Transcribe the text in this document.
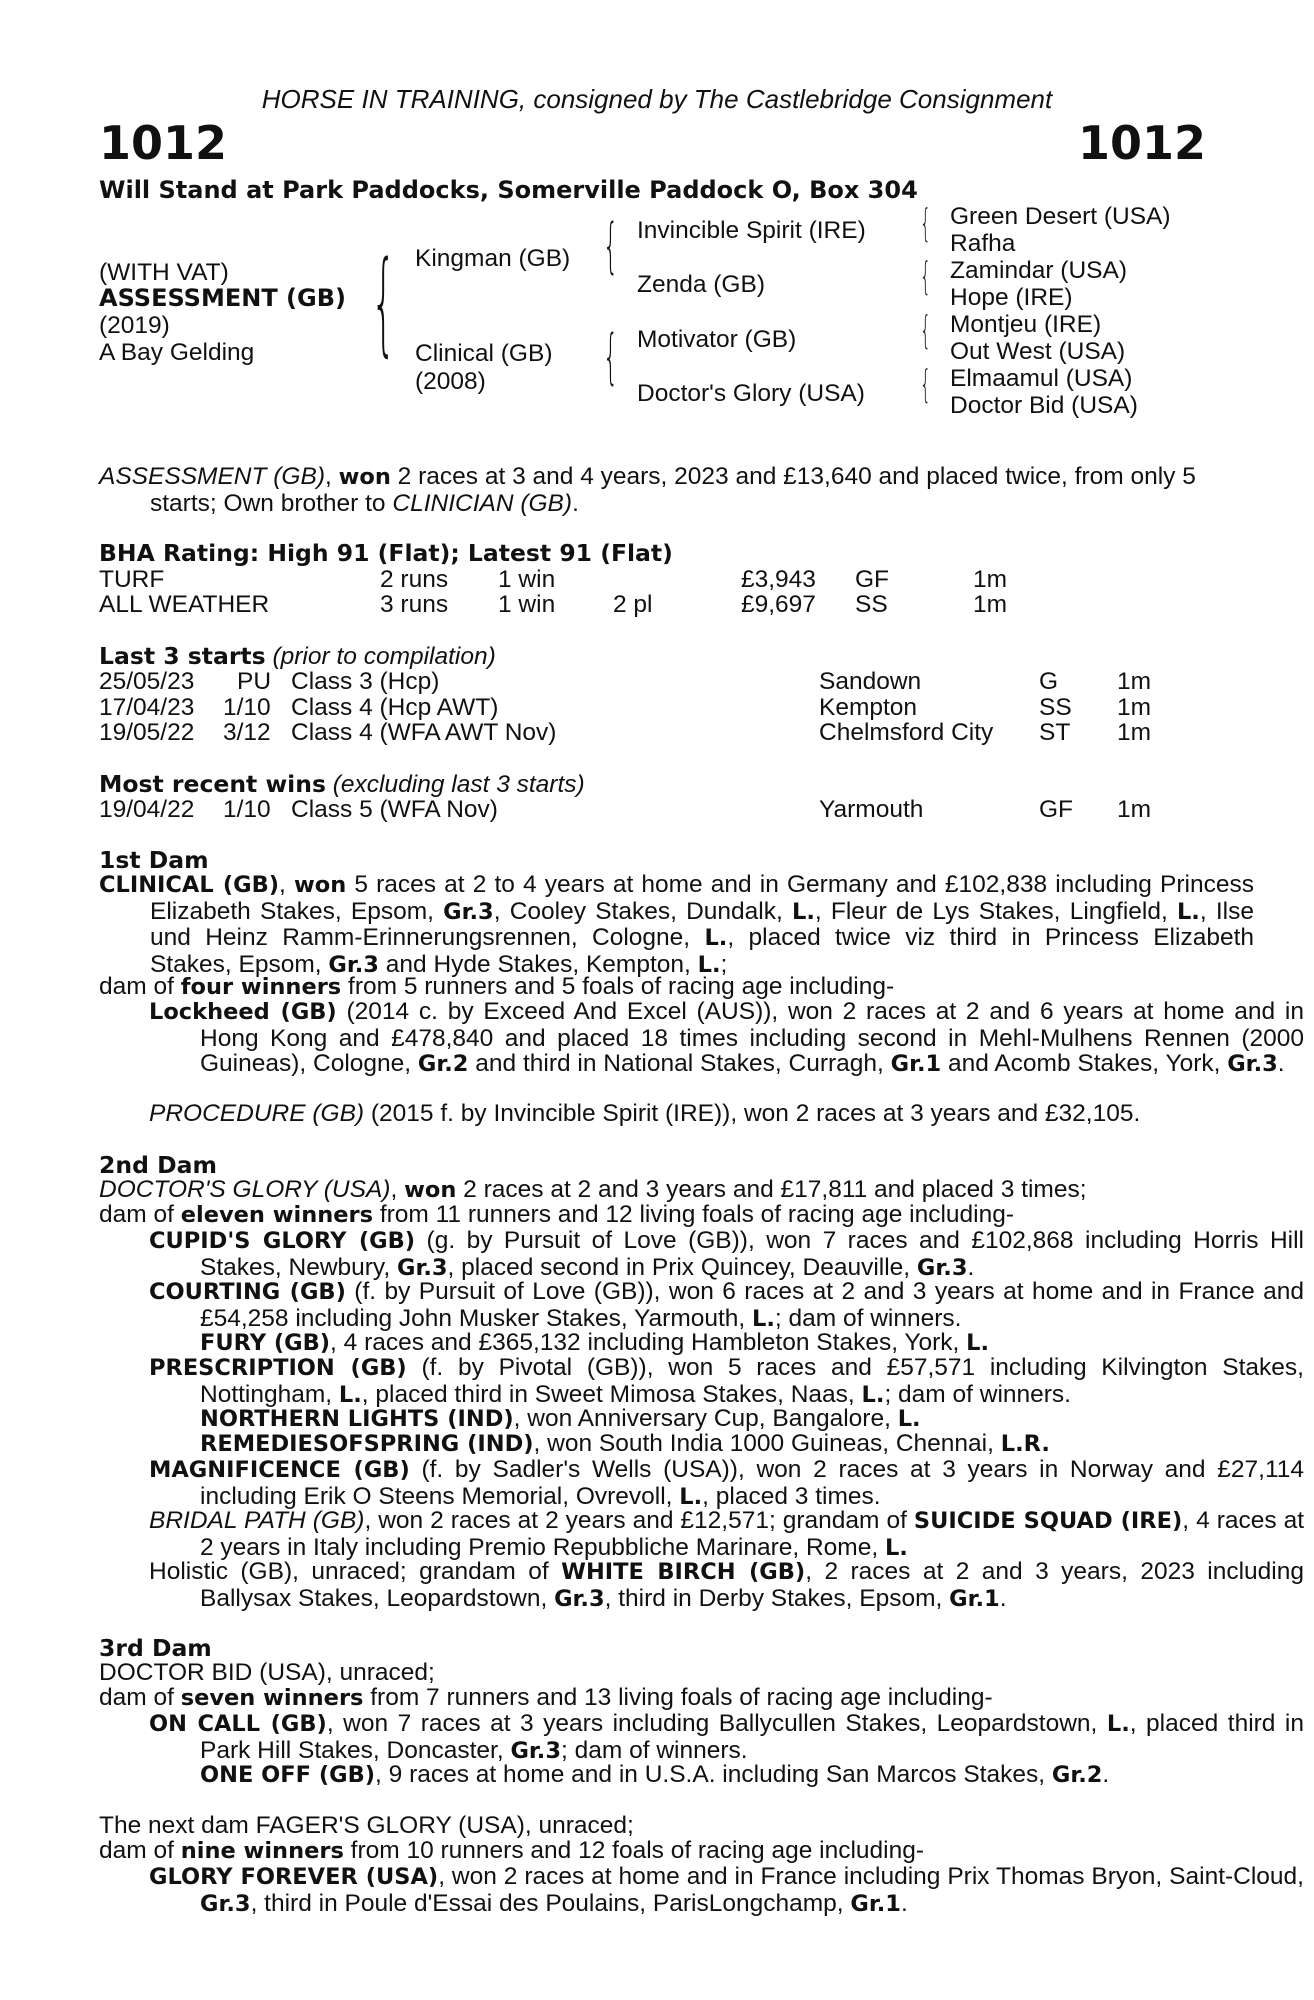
HORSE IN TRAINING, consigned by The Castlebridge Consignment
1012	1012
Will Stand at Park Paddocks, Somerville Paddock O, Box 304
(WITH VAT)
ASSESSMENT (GB)
(2019)
A Bay Gelding { Kingman (GB)
Clinical (GB)
(2008)
{
{
Invincible Spirit (IRE)
Zenda (GB)
Motivator (GB)
Doctor's Glory (USA)
{
{
{
{
Green Desert (USA)
Rafha
Zamindar (USA)
Hope (IRE)
Montjeu (IRE)
Out West (USA)
Elmaamul (USA)
Doctor Bid (USA)
ASSESSMENT (GB), won 2 races at 3 and 4 years, 2023 and £13,640 and placed twice, from only 5 starts; Own brother to CLINICIAN (GB).
BHA Rating: High 91 (Flat); Latest 91 (Flat)
TURF	2 runs 1 win	£3,943 GF	1m
ALL WEATHER	3 runs 1 win 2 pl	£9,697 SS	1m
Last 3 starts (prior to compilation)
25/05/23 PU Class 3 (Hcp)	Sandown	G 1m
17/04/23 1/10 Class 4 (Hcp AWT)	Kempton	SS 1m
19/05/22 3/12 Class 4 (WFA AWT Nov)	Chelmsford City ST 1m
Most recent wins (excluding last 3 starts)
19/04/22 1/10 Class 5 (WFA Nov)	Yarmouth	GF 1m
1st Dam
CLINICAL (GB), won 5 races at 2 to 4 years at home and in Germany and £102,838 including Princess Elizabeth Stakes, Epsom, Gr.3, Cooley Stakes, Dundalk, L., Fleur de Lys Stakes, Lingfield, L., Ilse und Heinz Ramm-Erinnerungsrennen, Cologne, L., placed twice viz third in Princess Elizabeth Stakes, Epsom, Gr.3 and Hyde Stakes, Kempton, L.;
dam of four winners from 5 runners and 5 foals of racing age including-
Lockheed (GB) (2014 c. by Exceed And Excel (AUS)), won 2 races at 2 and 6 years at home and in Hong Kong and £478,840 and placed 18 times including second in Mehl-Mulhens Rennen (2000 Guineas), Cologne, Gr.2 and third in National Stakes, Curragh, Gr.1 and Acomb Stakes, York, Gr.3.
PROCEDURE (GB) (2015 f. by Invincible Spirit (IRE)), won 2 races at 3 years and £32,105.
2nd Dam
DOCTOR'S GLORY (USA), won 2 races at 2 and 3 years and £17,811 and placed 3 times;
dam of eleven winners from 11 runners and 12 living foals of racing age including-
CUPID'S GLORY (GB) (g. by Pursuit of Love (GB)), won 7 races and £102,868 including Horris Hill Stakes, Newbury, Gr.3, placed second in Prix Quincey, Deauville, Gr.3.
COURTING (GB) (f. by Pursuit of Love (GB)), won 6 races at 2 and 3 years at home and in France and £54,258 including John Musker Stakes, Yarmouth, L.; dam of winners.
FURY (GB), 4 races and £365,132 including Hambleton Stakes, York, L.
PRESCRIPTION (GB) (f. by Pivotal (GB)), won 5 races and £57,571 including Kilvington Stakes, Nottingham, L., placed third in Sweet Mimosa Stakes, Naas, L.; dam of winners.
NORTHERN LIGHTS (IND), won Anniversary Cup, Bangalore, L.
REMEDIESOFSPRING (IND), won South India 1000 Guineas, Chennai, L.R.
MAGNIFICENCE (GB) (f. by Sadler's Wells (USA)), won 2 races at 3 years in Norway and £27,114 including Erik O Steens Memorial, Ovrevoll, L., placed 3 times.
BRIDAL PATH (GB), won 2 races at 2 years and £12,571; grandam of SUICIDE SQUAD (IRE), 4 races at 2 years in Italy including Premio Repubbliche Marinare, Rome, L.
Holistic (GB), unraced; grandam of WHITE BIRCH (GB), 2 races at 2 and 3 years, 2023 including Ballysax Stakes, Leopardstown, Gr.3, third in Derby Stakes, Epsom, Gr.1.
3rd Dam
DOCTOR BID (USA), unraced;
dam of seven winners from 7 runners and 13 living foals of racing age including-
ON CALL (GB), won 7 races at 3 years including Ballycullen Stakes, Leopardstown, L., placed third in Park Hill Stakes, Doncaster, Gr.3; dam of winners.
ONE OFF (GB), 9 races at home and in U.S.A. including San Marcos Stakes, Gr.2.
The next dam FAGER'S GLORY (USA), unraced;
dam of nine winners from 10 runners and 12 foals of racing age including-
GLORY FOREVER (USA), won 2 races at home and in France including Prix Thomas Bryon, Saint-Cloud, Gr.3, third in Poule d'Essai des Poulains, ParisLongchamp, Gr.1.
